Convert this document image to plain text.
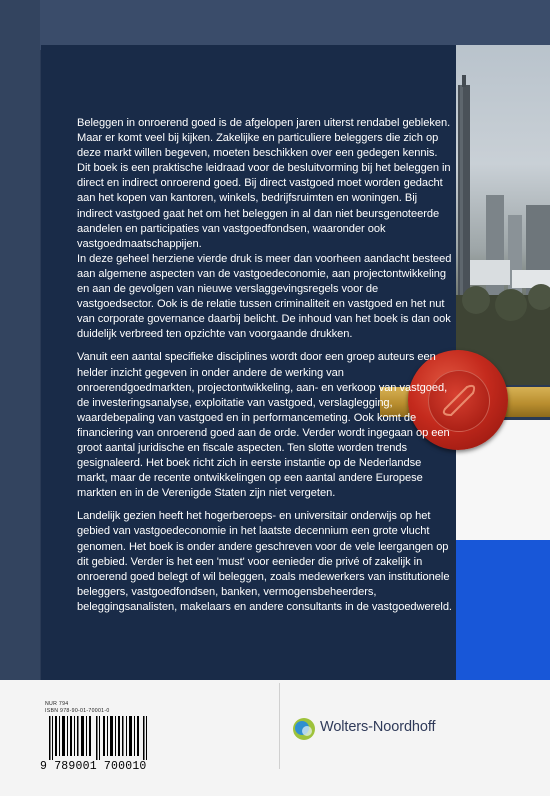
Beleggen in onroerend goed is de afgelopen jaren uiterst rendabel gebleken. Maar er komt veel bij kijken. Zakelijke en particuliere beleggers die zich op deze markt willen begeven, moeten beschikken over een gedegen kennis. Dit boek is een praktische leidraad voor de besluitvorming bij het beleggen in direct en indirect onroerend goed. Bij direct vastgoed moet worden gedacht aan het kopen van kantoren, winkels, bedrijfsruimten en woningen. Bij indirect vastgoed gaat het om het beleggen in al dan niet beursgenoteerde aandelen en participaties van vastgoedfondsen, waaronder ook vastgoedmaatschappijen.

In deze geheel herziene vierde druk is meer dan voorheen aandacht besteed aan algemene aspecten van de vastgoedeconomie, aan projectontwikkeling en aan de gevolgen van nieuwe verslaggevingsregels voor de vastgoedsector. Ook is de relatie tussen criminaliteit en vastgoed en het nut van corporate governance daarbij belicht. De inhoud van het boek is dan ook duidelijk verbreed ten opzichte van voorgaande drukken.

Vanuit een aantal specifieke disciplines wordt door een groep auteurs een helder inzicht gegeven in onder andere de werking van onroerendgoedmarkten, projectontwikkeling, aan- en verkoop van vastgoed, de investeringsanalyse, exploitatie van vastgoed, verslaglegging, waardebepaling van vastgoed en in performancemeting. Ook komt de financiering van onroerend goed aan de orde. Verder wordt ingegaan op een groot aantal juridische en fiscale aspecten. Ten slotte worden trends gesignaleerd. Het boek richt zich in eerste instantie op de Nederlandse markt, maar de recente ontwikkelingen op een aantal andere Europese markten en in de Verenigde Staten zijn niet vergeten.

Landelijk gezien heeft het hogerberoeps- en universitair onderwijs op het gebied van vastgoedeconomie in het laatste decennium een grote vlucht genomen. Het boek is onder andere geschreven voor de vele leergangen op dit gebied. Verder is het een 'must' voor eenieder die privé of zakelijk in onroerend goed belegt of wil beleggen, zoals medewerkers van institutionele beleggers, vastgoedfondsen, banken, vermogensbeheerders, beleggingsanalisten, makelaars en andere consultants in de vastgoedwereld.

NUR 794
ISBN 978-90-01-70001-0
9 789001 700010
Wolters-Noordhoff
